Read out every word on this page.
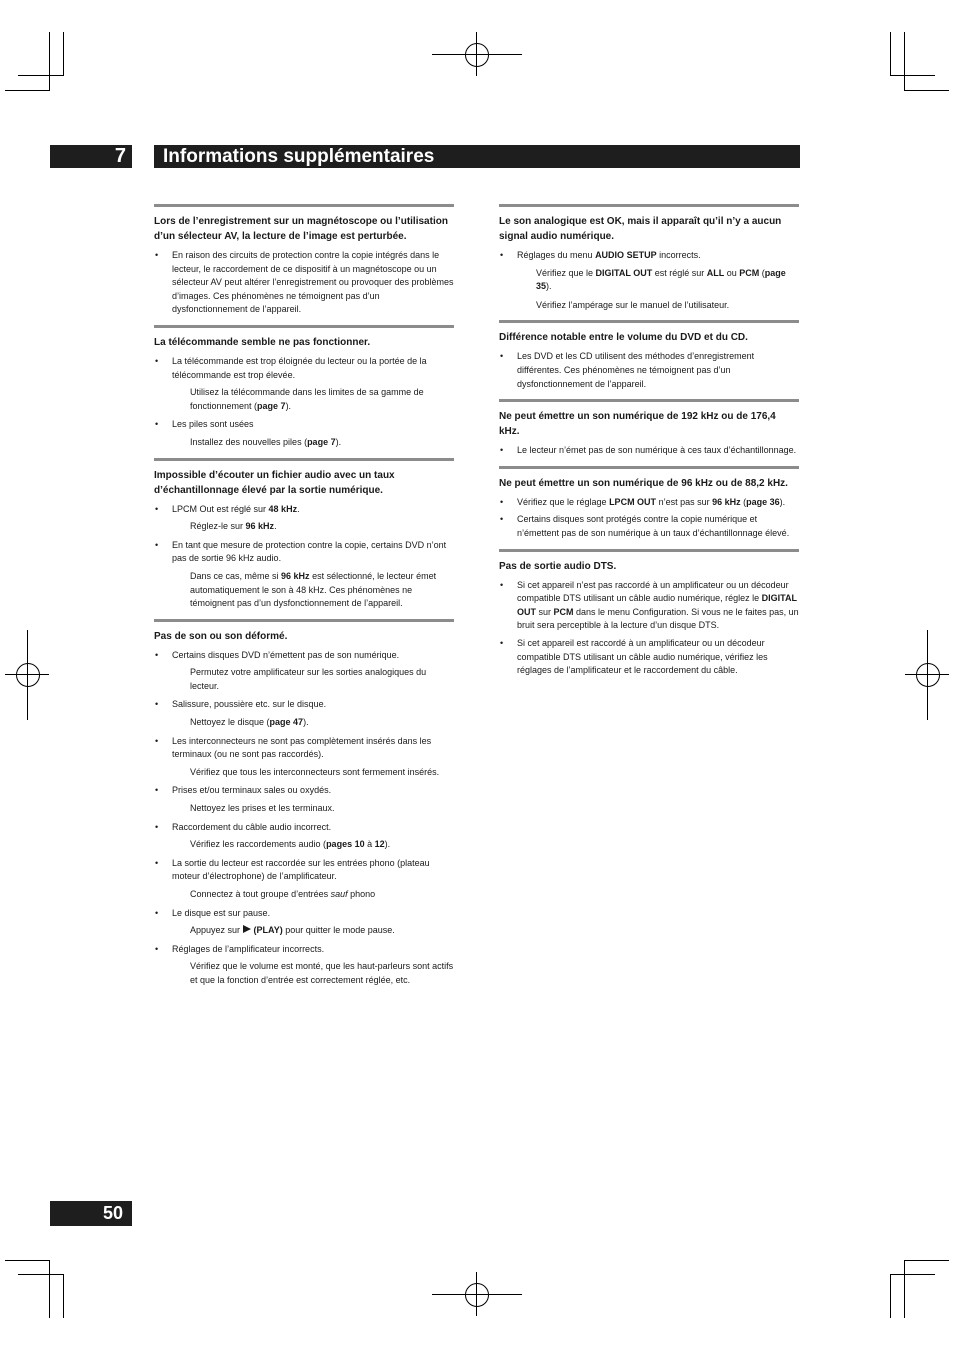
7	Informations supplémentaires

Lors de l’enregistrement sur un magnétoscope ou l’utilisation d’un sélecteur AV, la lecture de l’image est perturbée.

• En raison des circuits de protection contre la copie intégrés dans le lecteur, le raccordement de ce dispositif à un magnétoscope ou un sélecteur AV peut altérer l’enregistrement ou provoquer des problèmes d’images. Ces phénomènes ne témoignent pas d’un dysfonctionnement de l’appareil.

La télécommande semble ne pas fonctionner.

• La télécommande est trop éloignée du lecteur ou la portée de la télécommande est trop élevée.
Utilisez la télécommande dans les limites de sa gamme de fonctionnement (page 7).
• Les piles sont usées
Installez des nouvelles piles (page 7).

Impossible d’écouter un fichier audio avec un taux d’échantillonnage élevé par la sortie numérique.

• LPCM Out est réglé sur 48 kHz.
Réglez-le sur 96 kHz.
• En tant que mesure de protection contre la copie, certains DVD n’ont pas de sortie 96 kHz audio.
Dans ce cas, même si 96 kHz est sélectionné, le lecteur émet automatiquement le son à 48 kHz. Ces phénomènes ne témoignent pas d’un dysfonctionnement de l’appareil.

Pas de son ou son déformé.

• Certains disques DVD n’émettent pas de son numérique.
Permutez votre amplificateur sur les sorties analogiques du lecteur.
• Salissure, poussière etc. sur le disque.
Nettoyez le disque (page 47).
• Les interconnecteurs ne sont pas complètement insérés dans les terminaux (ou ne sont pas raccordés).
Vérifiez que tous les interconnecteurs sont fermement insérés.
• Prises et/ou terminaux sales ou oxydés.
Nettoyez les prises et les terminaux.
• Raccordement du câble audio incorrect.
Vérifiez les raccordements audio (pages 10 à 12).
• La sortie du lecteur est raccordée sur les entrées phono (plateau moteur d’électrophone) de l’amplificateur.
Connectez à tout groupe d’entrées sauf phono
• Le disque est sur pause.
Appuyez sur (PLAY) pour quitter le mode pause.
• Réglages de l’amplificateur incorrects.
Vérifiez que le volume est monté, que les haut-parleurs sont actifs et que la fonction d’entrée est correctement réglée, etc.

Le son analogique est OK, mais il apparaît qu’il n’y a aucun signal audio numérique.

• Réglages du menu AUDIO SETUP incorrects.
Vérifiez que le DIGITAL OUT est réglé sur ALL ou PCM (page 35).
Vérifiez l’ampérage sur le manuel de l’utilisateur.

Différence notable entre le volume du DVD et du CD.

• Les DVD et les CD utilisent des méthodes d’enregistrement différentes. Ces phénomènes ne témoignent pas d’un dysfonctionnement de l’appareil.

Ne peut émettre un son numérique de 192 kHz ou de 176,4 kHz.

• Le lecteur n’émet pas de son numérique à ces taux d’échantillonnage.

Ne peut émettre un son numérique de 96 kHz ou de 88,2 kHz.

• Vérifiez que le réglage LPCM OUT n’est pas sur 96 kHz (page 36).
• Certains disques sont protégés contre la copie numérique et n’émettent pas de son numérique à un taux d’échantillonnage élevé.

Pas de sortie audio DTS.

• Si cet appareil n’est pas raccordé à un amplificateur ou un décodeur compatible DTS utilisant un câble audio numérique, réglez le DIGITAL OUT sur PCM dans le menu Configuration. Si vous ne le faites pas, un bruit sera perceptible à la lecture d’un disque DTS.
• Si cet appareil est raccordé à un amplificateur ou un décodeur compatible DTS utilisant un câble audio numérique, vérifiez les réglages de l’amplificateur et le raccordement du câble.
50
